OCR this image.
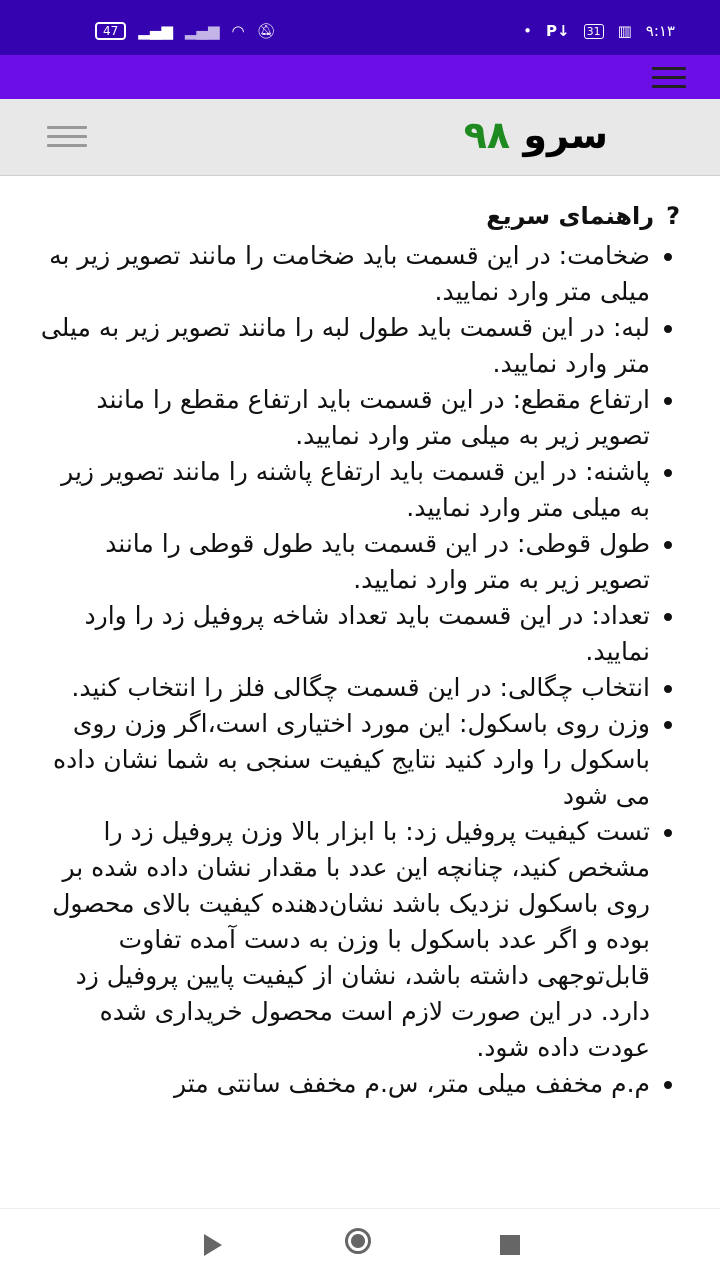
47	▂▄▆ ▂▄▆ ◠ 🔕︎	• P↓ 31 ▥ ۹:۱۳
سرو ۹۸
?راهنمای سریع
• ضخامت: در این قسمت باید ضخامت را مانند تصویر زیر به میلی متر وارد نمایید.
• لبه: در این قسمت باید طول لبه را مانند تصویر زیر به میلی متر وارد نمایید.
• ارتفاع مقطع: در این قسمت باید ارتفاع مقطع را مانند تصویر زیر به میلی متر وارد نمایید.
• پاشنه: در این قسمت باید ارتفاع پاشنه را مانند تصویر زیر به میلی متر وارد نمایید.
• طول قوطی: در این قسمت باید طول قوطی را مانند تصویر زیر به متر وارد نمایید.
• تعداد: در این قسمت باید تعداد شاخه پروفیل زد را وارد نمایید.
• انتخاب چگالی: در این قسمت چگالی فلز را انتخاب کنید.
• وزن روی باسکول: این مورد اختیاری است،اگر وزن روی باسکول را وارد کنید نتایج کیفیت سنجی به شما نشان داده می شود
• تست کیفیت پروفیل زد: با ابزار بالا وزن پروفیل زد را مشخص کنید، چنانچه این عدد با مقدار نشان داده شده بر روی باسکول نزدیک باشد نشان‌دهنده کیفیت بالای محصول بوده و اگر عدد باسکول با وزن به دست آمده تفاوت قابل‌توجهی داشته باشد، نشان از کیفیت پایین پروفیل زد دارد. در این صورت لازم است محصول خریداری شده عودت داده شود.
• م.م مخفف میلی متر، س.م مخفف سانتی متر
